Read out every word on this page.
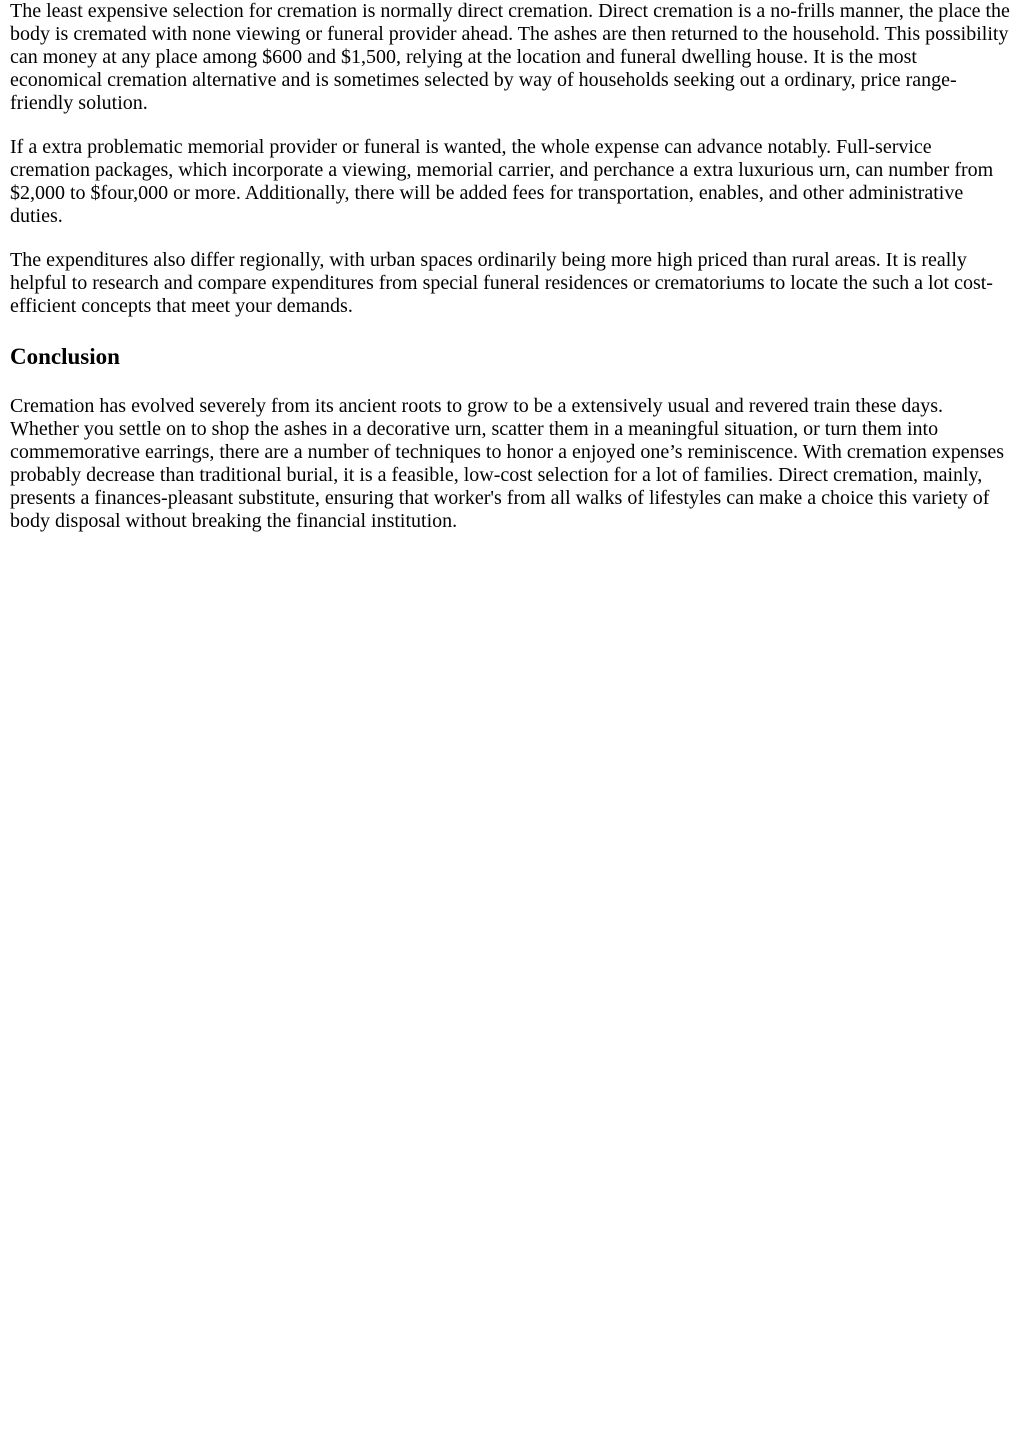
The least expensive selection for cremation is normally direct cremation. Direct cremation is a no-frills manner, the place the body is cremated with none viewing or funeral provider ahead. The ashes are then returned to the household. This possibility can money at any place among $600 and $1,500, relying at the location and funeral dwelling house. It is the most economical cremation alternative and is sometimes selected by way of households seeking out a ordinary, price range-friendly solution.

If a extra problematic memorial provider or funeral is wanted, the whole expense can advance notably. Full-service cremation packages, which incorporate a viewing, memorial carrier, and perchance a extra luxurious urn, can number from $2,000 to $four,000 or more. Additionally, there will be added fees for transportation, enables, and other administrative duties.

The expenditures also differ regionally, with urban spaces ordinarily being more high priced than rural areas. It is really helpful to research and compare expenditures from special funeral residences or crematoriums to locate the such a lot cost-efficient concepts that meet your demands.

Conclusion

Cremation has evolved severely from its ancient roots to grow to be a extensively usual and revered train these days. Whether you settle on to shop the ashes in a decorative urn, scatter them in a meaningful situation, or turn them into commemorative earrings, there are a number of techniques to honor a enjoyed one’s reminiscence. With cremation expenses probably decrease than traditional burial, it is a feasible, low-cost selection for a lot of families. Direct cremation, mainly, presents a finances-pleasant substitute, ensuring that worker's from all walks of lifestyles can make a choice this variety of body disposal without breaking the financial institution.
